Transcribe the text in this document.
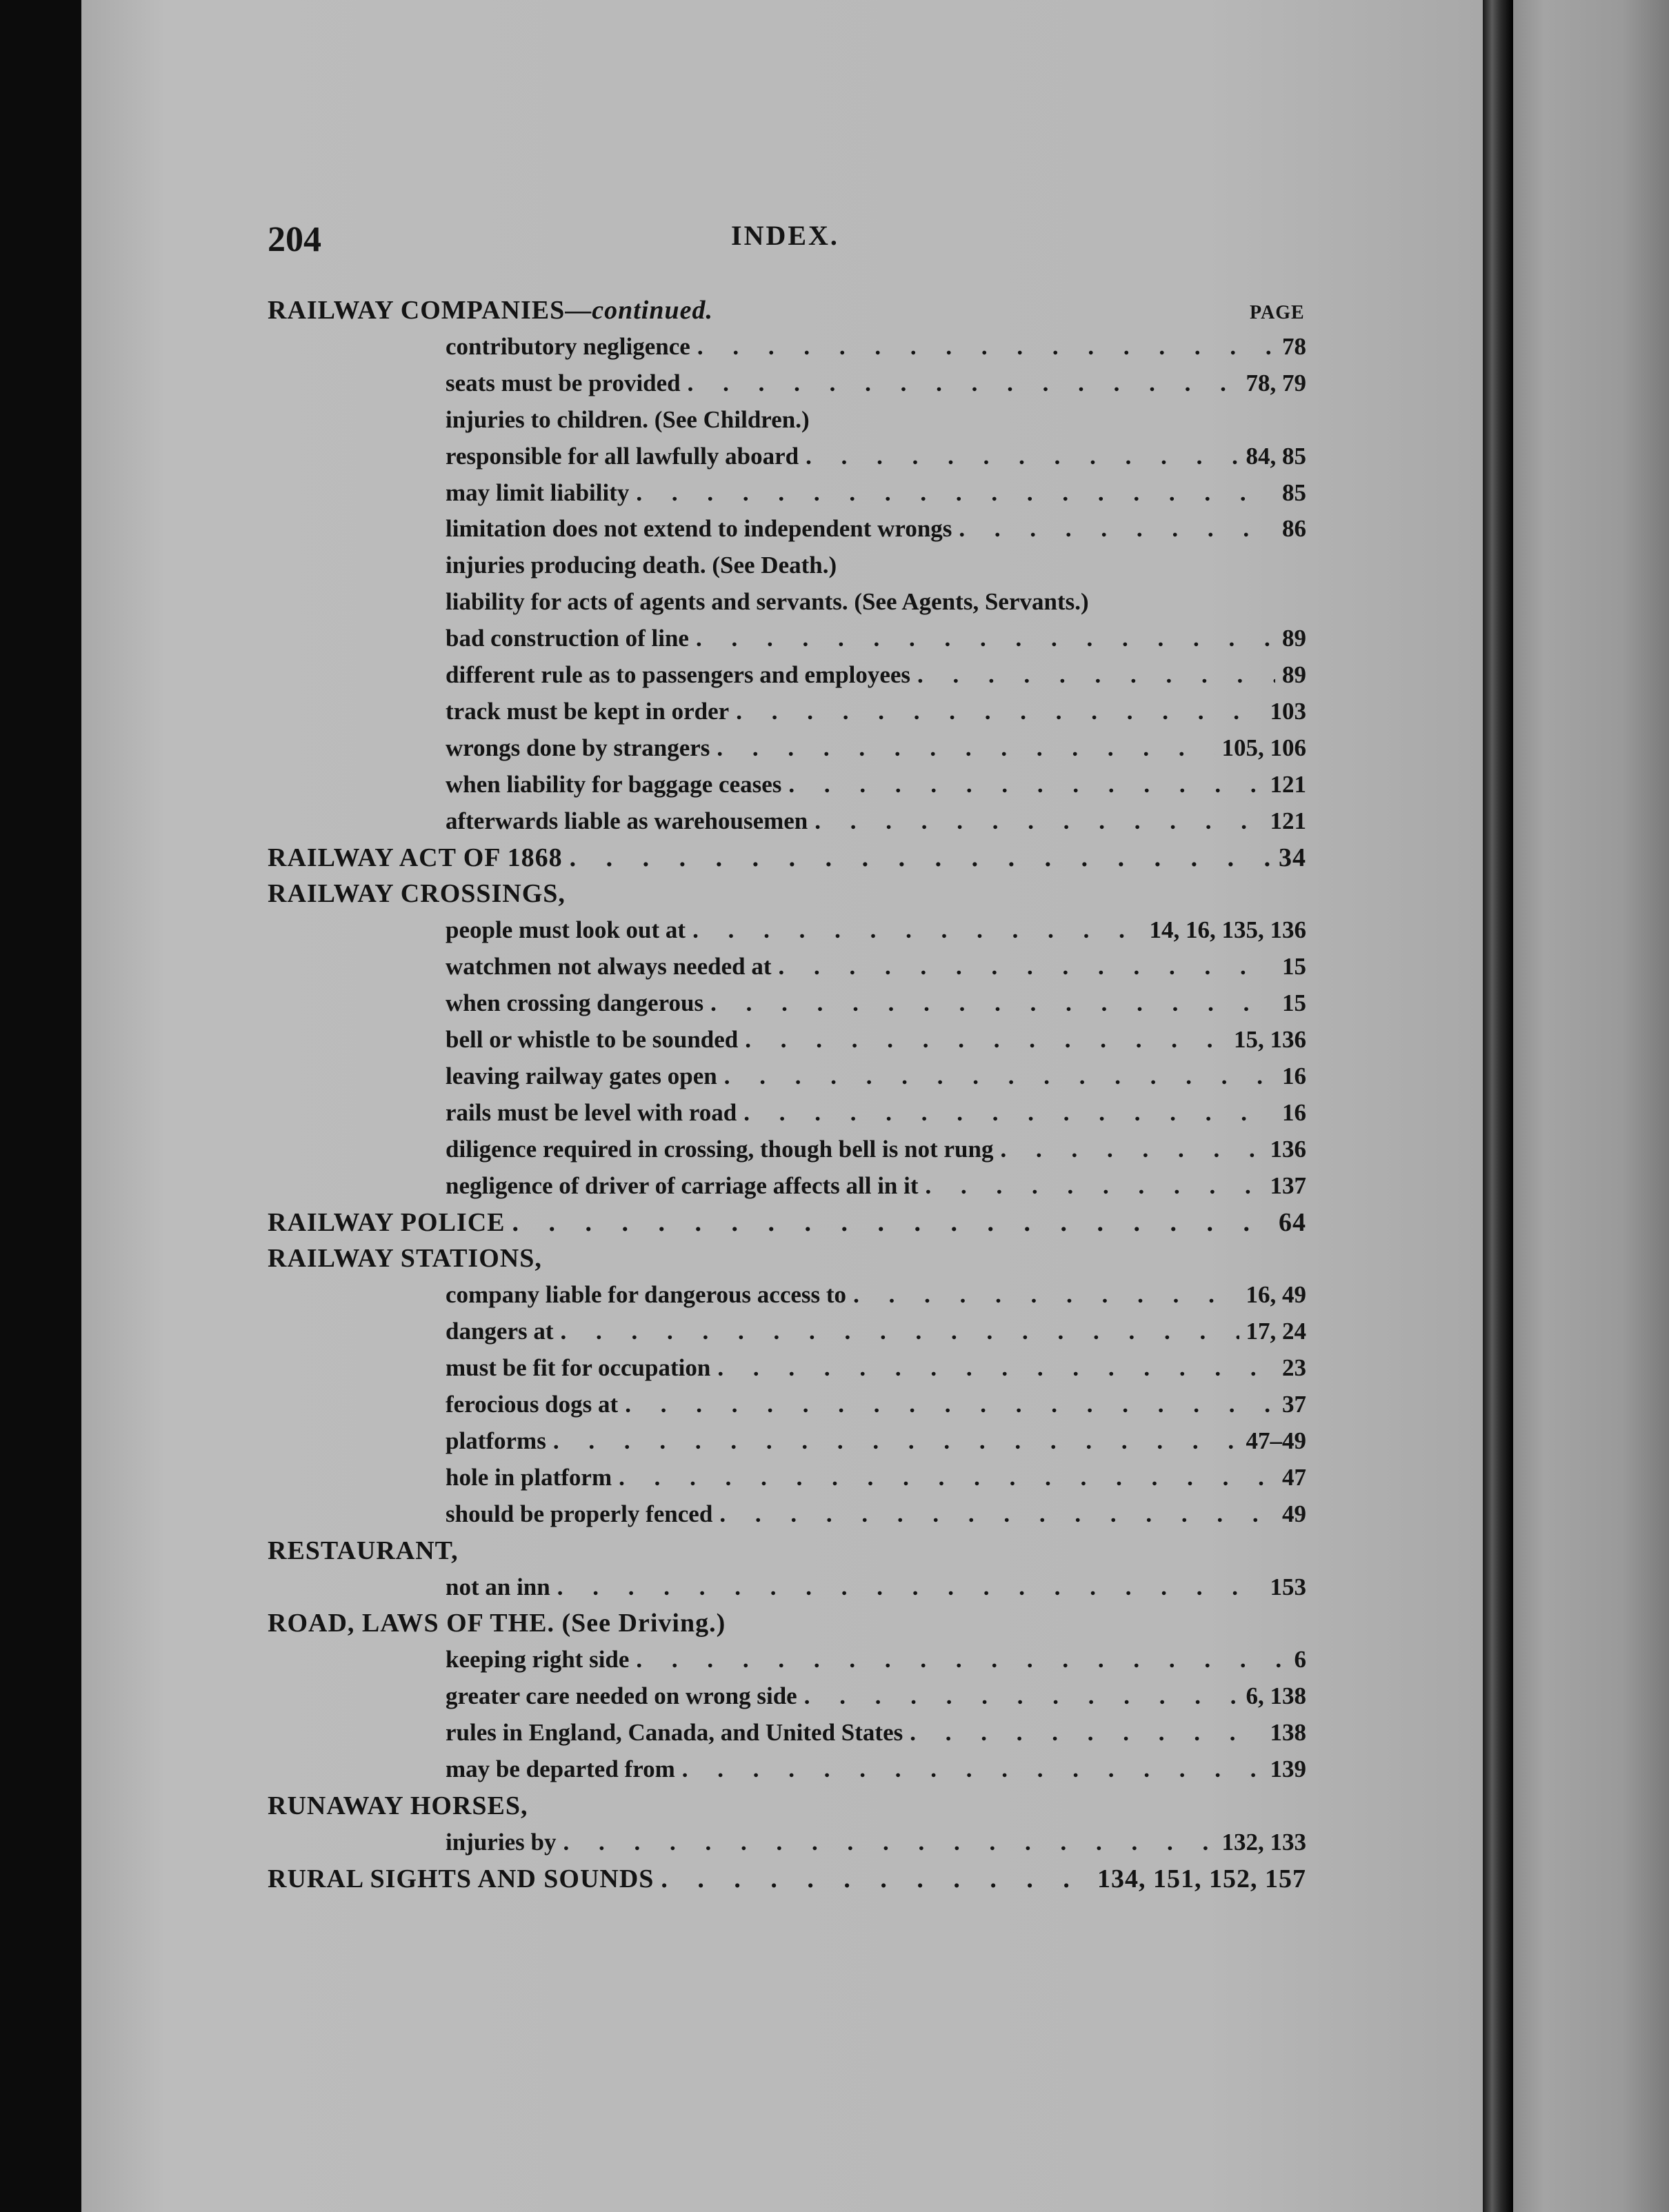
204	INDEX.
PAGE
RAILWAY COMPANIES— continued.
contributory negligence . . .	78
seats must be provided . . .	78, 79
injuries to children. (See Children.)
responsible for all lawfully aboard . . .	84, 85
may limit liability . . .	85
limitation does not extend to independent wrongs . . .	86
injuries producing death. (See Death.)
liability for acts of agents and servants. (See Agents, Servants.)
bad construction of line . . .	89
different rule as to passengers and employees . . .	89
track must be kept in order . . .	103
wrongs done by strangers . . .	105, 106
when liability for baggage ceases . . .	121
afterwards liable as warehousemen . . .	121
RAILWAY ACT OF 1868 . . .	34
RAILWAY CROSSINGS,
people must look out at . . .	14, 16, 135, 136
watchmen not always needed at . . .	15
when crossing dangerous . . .	15
bell or whistle to be sounded . . .	15, 136
leaving railway gates open . . .	16
rails must be level with road . . .	16
diligence required in crossing, though bell is not rung . . .	136
negligence of driver of carriage affects all in it . . .	137
RAILWAY POLICE . . .	64
RAILWAY STATIONS,
company liable for dangerous access to . . .	16, 49
dangers at . . .	17, 24
must be fit for occupation . . .	23
ferocious dogs at . . .	37
platforms . . .	47–49
hole in platform . . .	47
should be properly fenced . . .	49
RESTAURANT,
not an inn . . .	153
ROAD, LAWS OF THE. (See Driving.)
keeping right side . . .	6
greater care needed on wrong side . . .	6, 138
rules in England, Canada, and United States . . .	138
may be departed from . . .	139
RUNAWAY HORSES,
injuries by . . .	132, 133
RURAL SIGHTS AND SOUNDS . . .	134, 151, 152, 157
